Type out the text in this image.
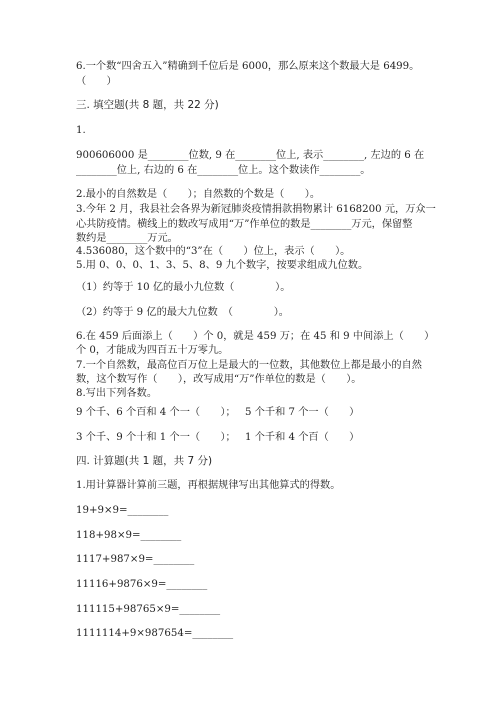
6.一个数“四舍五入”精确到千位后是 6000，那么原来这个数最大是 6499。
（　　）
三. 填空题(共 8 题，共 22 分)
1.
900606000 是________位数, 9 在________位上, 表示________, 左边的 6 在
________位上, 右边的 6 在________位上。这个数读作________。
2.最小的自然数是（　　）；自然数的个数是（　　）。
3.今年 2 月，我县社会各界为新冠肺炎疫情捐款捐物累计 6168200 元，万众一
心共防疫情。横线上的数改写成用“万”作单位的数是________万元，保留整
数约是________万元。
4.536080，这个数中的“3”在（　　）位上，表示（　　）。
5.用 0、0、0、1、3、5、8、9 九个数字，按要求组成九位数。
（1）约等于 10 亿的最小九位数（　　　　）。
（2）约等于 9 亿的最大九位数　（　　　　）。
6.在 459 后面添上（　　）个 0，就是 459 万；在 45 和 9 中间添上（　　）
个 0，才能成为四百五十万零九。
7.一个自然数，最高位百万位上是最大的一位数，其他数位上都是最小的自然
数，这个数写作（　　），改写成用“万”作单位的数是（　　）。
8.写出下列各数。
9 个千、6 个百和 4 个一（　　）； 5 个千和 7 个一（　　）
3 个千、9 个十和 1 个一（　　）； 1 个千和 4 个百（　　）
四. 计算题(共 1 题，共 7 分)
1.用计算器计算前三题，再根据规律写出其他算式的得数。
19+9×9=________
118+98×9=________
1117+987×9=________
11116+9876×9=________
111115+98765×9=________
1111114+9×987654=________
